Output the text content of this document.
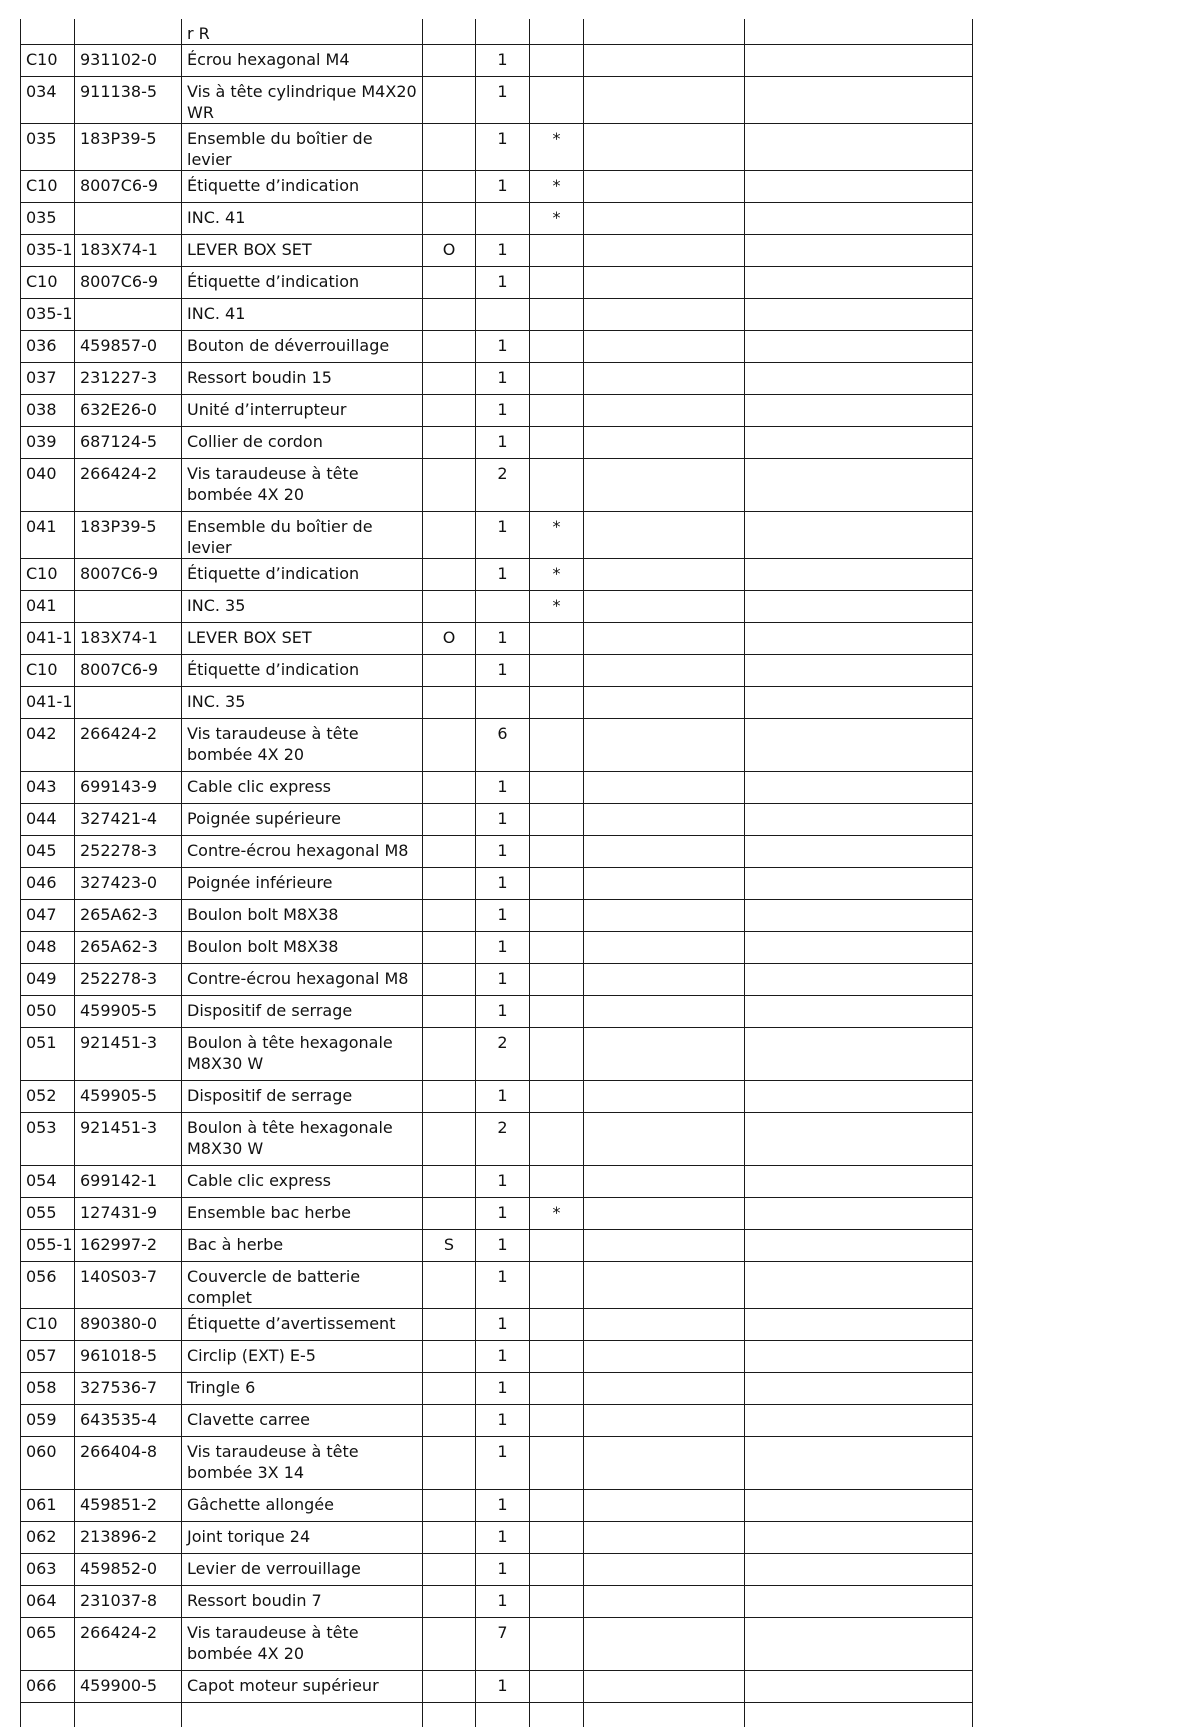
		r R					
C10	931102-0	Écrou hexagonal M4		1			
034	911138-5	Vis à tête cylindrique M4X20 WR		1			
035	183P39-5	Ensemble du boîtier de levier		1	*		
C10	8007C6-9	Étiquette d’indication		1	*		
035		INC. 41			*		
035-1	183X74-1	LEVER BOX SET	O	1			
C10	8007C6-9	Étiquette d’indication		1			
035-1		INC. 41					
036	459857-0	Bouton de déverrouillage		1			
037	231227-3	Ressort boudin 15		1			
038	632E26-0	Unité d’interrupteur		1			
039	687124-5	Collier de cordon		1			
040	266424-2	Vis taraudeuse à tête bombée 4X 20		2			
041	183P39-5	Ensemble du boîtier de levier		1	*		
C10	8007C6-9	Étiquette d’indication		1	*		
041		INC. 35			*		
041-1	183X74-1	LEVER BOX SET	O	1			
C10	8007C6-9	Étiquette d’indication		1			
041-1		INC. 35					
042	266424-2	Vis taraudeuse à tête bombée 4X 20		6			
043	699143-9	Cable clic express		1			
044	327421-4	Poignée supérieure		1			
045	252278-3	Contre-écrou hexagonal M8		1			
046	327423-0	Poignée inférieure		1			
047	265A62-3	Boulon bolt M8X38		1			
048	265A62-3	Boulon bolt M8X38		1			
049	252278-3	Contre-écrou hexagonal M8		1			
050	459905-5	Dispositif de serrage		1			
051	921451-3	Boulon à tête hexagonale M8X30 W		2			
052	459905-5	Dispositif de serrage		1			
053	921451-3	Boulon à tête hexagonale M8X30 W		2			
054	699142-1	Cable clic express		1			
055	127431-9	Ensemble bac herbe		1	*		
055-1	162997-2	Bac à herbe	S	1			
056	140S03-7	Couvercle de batterie complet		1			
C10	890380-0	Étiquette d’avertissement		1			
057	961018-5	Circlip (EXT) E-5		1			
058	327536-7	Tringle 6		1			
059	643535-4	Clavette carree		1			
060	266404-8	Vis taraudeuse à tête bombée 3X 14		1			
061	459851-2	Gâchette allongée		1			
062	213896-2	Joint torique 24		1			
063	459852-0	Levier de verrouillage		1			
064	231037-8	Ressort boudin 7		1			
065	266424-2	Vis taraudeuse à tête bombée 4X 20		7			
066	459900-5	Capot moteur supérieur		1			
